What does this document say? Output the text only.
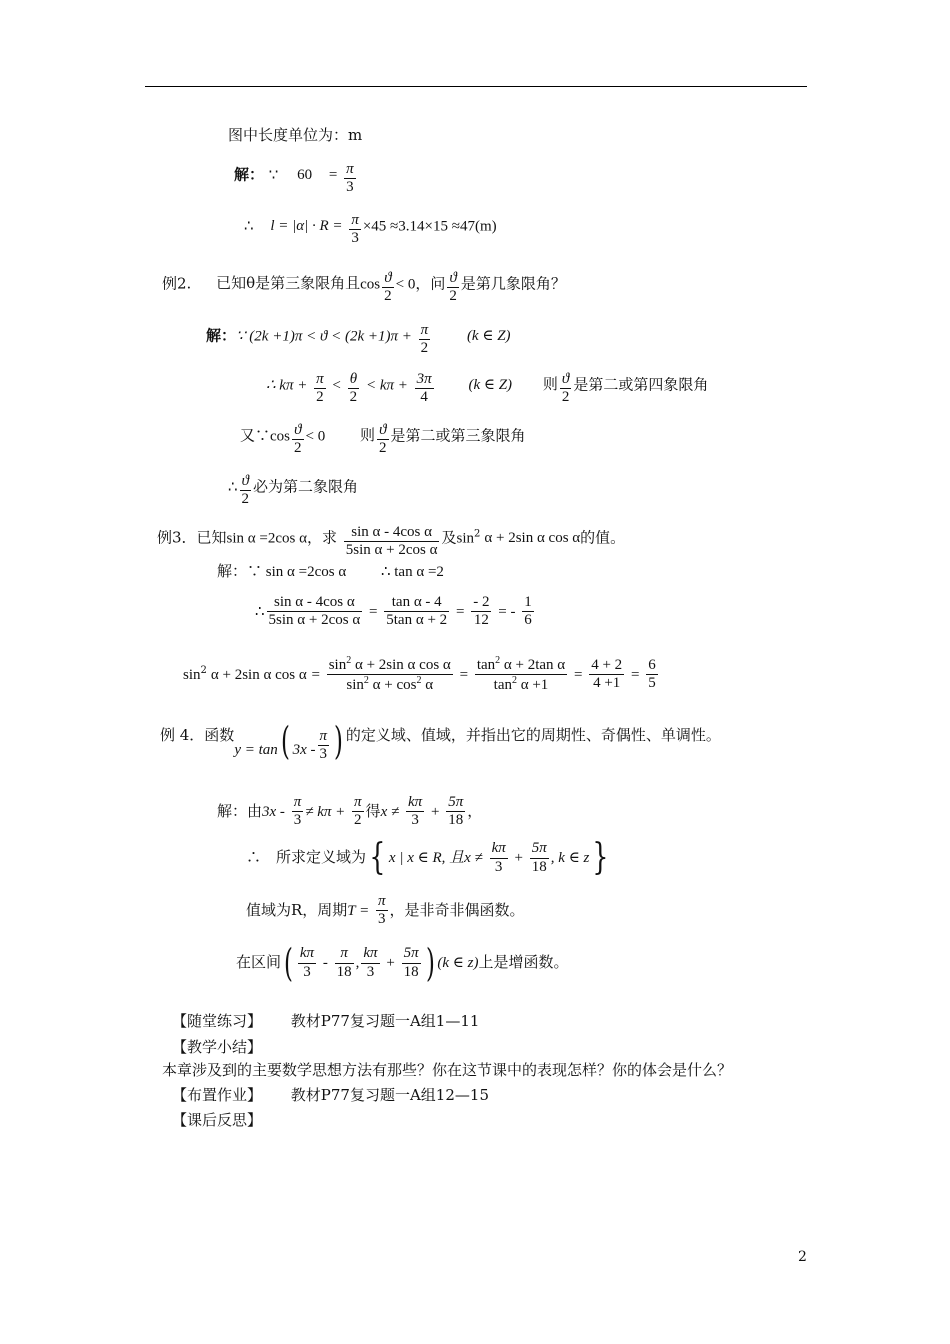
图中长度单位为：m
解： ∵ $60 = \frac{\pi}{3}$
∴ $l = |\alpha| \cdot R = \frac{\pi}{3} \times 45 \approx 3.14\times 15 \approx 47(m)$
例2. 已知θ是第三象限角且$\cos \frac{ϑ}{2} < 0$，问 $\frac{ϑ}{2}$ 是第几象限角？
解：∵ $(2k +1)\pi < ϑ < (2k +1)\pi + \frac{\pi}{2} (k$ ∈ Z)
∴ $k\pi + \frac{\pi}{2} < \frac{\theta}{2} < k\pi + \frac{3\pi}{4} (k$ ∈ Z) 则 $\frac{ϑ}{2}$ 是第二或第四象限角
又∵cos $\frac{ϑ}{2} < 0$ 则 $\frac{ϑ}{2}$ 是第二或第三象限角
∴ $\frac{ϑ}{2}$ 必为第二象限角
例3．已知sin α =2cos α，求 $\frac{\text{sin α - 4cos α}}{\text{5sin α + 2cos α}}$ 及$\sin^2 \alpha + 2\sin$ α cos α的值。
解：∵ sin α =2cos α ∴ tan α =2
∴ $\frac{\text{sin α - 4cos α}}{\text{5sin α + 2cos α}} = \frac{\text{tan α - 4}}{\text{5tan α + 2}} = \frac{- 2}{12}$ = - $\frac{1}{6}$
$\sin^2 \alpha + 2\sin$ α $\cos \alpha = \frac{\sin^2 \alpha + 2\sin \alpha \cos \alpha}{\sin^2 \alpha + \cos^2 \alpha} = \frac{\tan^2 \alpha + 2\tan \alpha}{\tan^2 \alpha +1} = \frac{4 + 2}{4 +1} = \frac{6}{5}$
例 4．函数y = tan( $3x - \frac{\pi}{3}$ ) 的定义域、值域，并指出它的周期性、奇偶性、单调性。
解：由$3x - \frac{\pi}{3} \ne k\pi + \frac{\pi}{2}$ 得$x \ne \frac{k\pi}{3} + \frac{5\pi}{18}$ ，
∴　所求定义域为{ x | x ∈ R, 且$x \ne \frac{k\pi}{3} + \frac{5\pi}{18}$ , k ∈ z}
值域为R，周期$T = \frac{\pi}{3}$ ，是非奇非偶函数。
在区间( $\frac{k\pi}{3} - \frac{\pi}{18}$ , $\frac{k\pi}{3} + \frac{5\pi}{18}$ ) (k ∈ z)上是增函数。
【随堂练习】 教材P77复习题一A组1—11
【教学小结】
本章涉及到的主要数学思想方法有那些？你在这节课中的表现怎样？你的体会是什么？
【布置作业】 教材P77复习题一A组12—15
【课后反思】
2
